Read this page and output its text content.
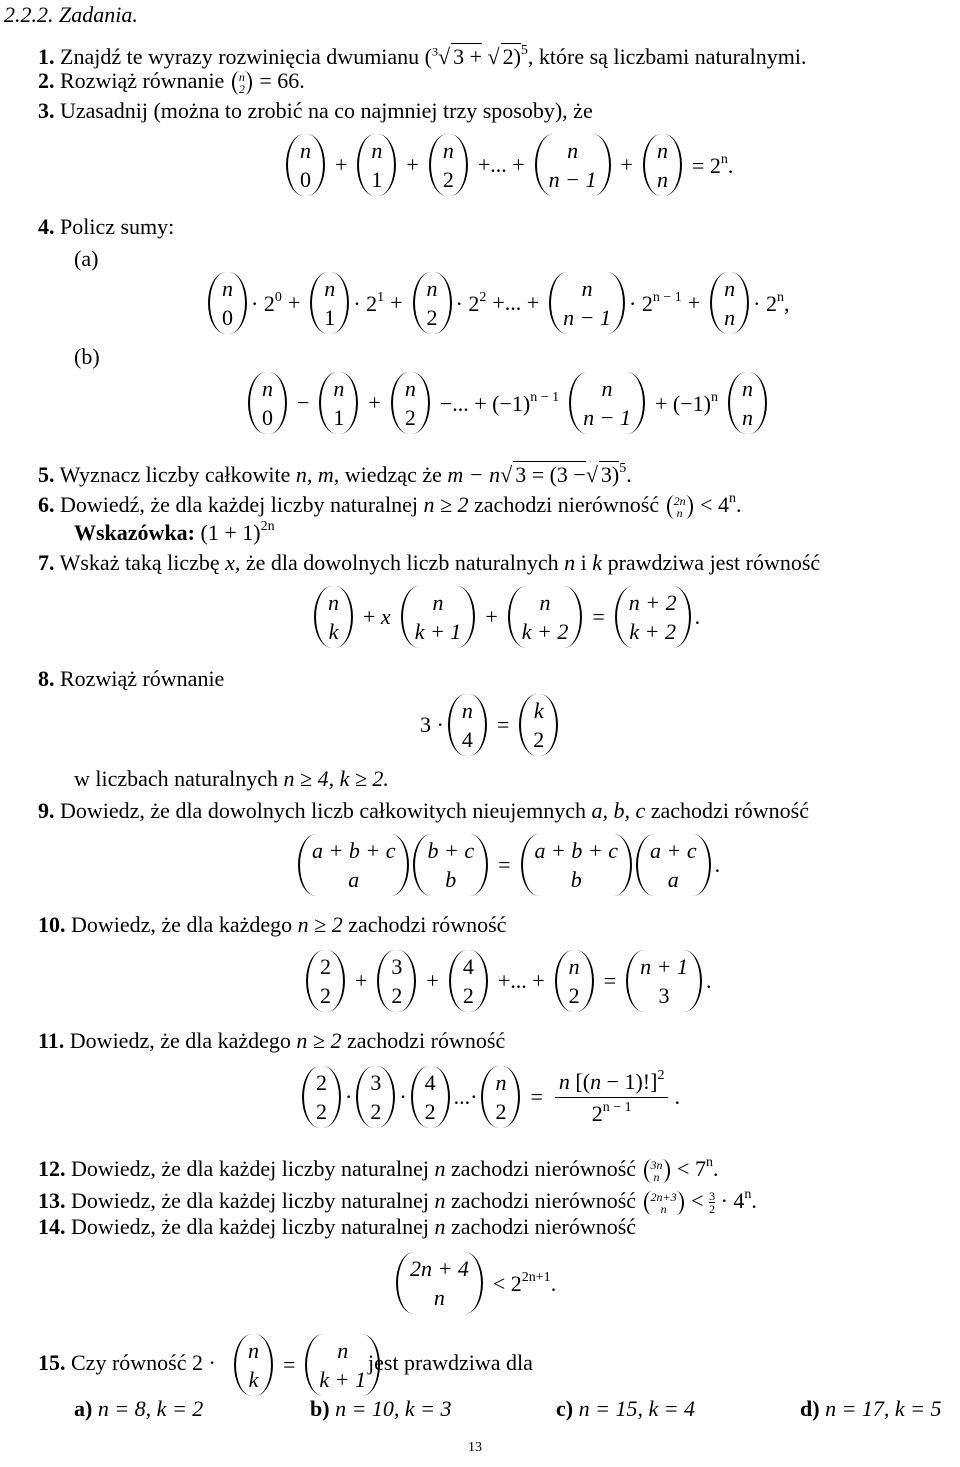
2.2.2. Zadania.
1. Znajdź te wyrazy rozwinięcia dwumianu ($^3$√ 3 + √ 2)$^5$, które są liczbami naturalnymi.
2. Rozwiąż równanie n
2 = 66.
3. Uzasadnij (można to zrobić na co najmniej trzy sposoby), że
n
0
+
n
1
+
n
2
+... +
n
n − 1
+
n
n
= $2^n$.
4. Policz sumy:
(a)
n
0
· $2^0$ +
n
1
· $2^1$ +
n
2
· $2^2$ +... +
n
n − 1
· $2^{n - 1}$ +
n
n
· $2^n$,
(b)
n
0
−
n
1
+
n
2
−... + $(-1)^{n - 1}$ n
n − 1
+ $(-1)^n$ n
n
5. Wyznacz liczby całkowite n, m, wiedząc że m − n√ 3 = (3 −√ 3)$^5$.
6. Dowiedź, że dla każdej liczby naturalnej n ≥ 2 zachodzi nierówność 2n
$n < 4^n$.
Wskazówka: $(1 + 1)^{2n}$
7. Wskaż taką liczbę x, że dla dowolnych liczb naturalnych n i k prawdziwa jest równość
n
k
+ x
n
k + 1
+
n
k + 2
=
n + 2
k + 2
.
8. Rozwiąż równanie
3 ·
n
4
=
k
2
w liczbach naturalnych n ≥ 4, k ≥ 2.
9. Dowiedz, że dla dowolnych liczb całkowitych nieujemnych a, b, c zachodzi równość
a + b + c
a
b + c
b
=
a + b + c
b
a + c
a
.
10. Dowiedz, że dla każdego n ≥ 2 zachodzi równość
2
2
+
3
2
+
4
2
+... +
n
2
=
n + 1
3
.
11. Dowiedz, że dla każdego n ≥ 2 zachodzi równość
2
2
·
3
2
·
4
2
...·
n
2
= $\frac{n [(n - 1)!]^2}{2^{n - 1}}$ .
12. Dowiedz, że dla każdej liczby naturalnej n zachodzi nierówność 3n
$n < 7^n$.
13. Dowiedz, że dla każdej liczby naturalnej n zachodzi nierówność 2n+3
$n < \frac{3}{2} \cdot 4^n$.
14. Dowiedz, że dla każdej liczby naturalnej n zachodzi nierówność
2n + 4
n
< $2^{2n+1}$.
15. Czy równość 2 · n
k
=
n
k + 1
jest prawdziwa dla
a) n = 8, k = 2	b) n = 10, k = 3	c) n = 15, k = 4	d) n = 17, k = 5
13
